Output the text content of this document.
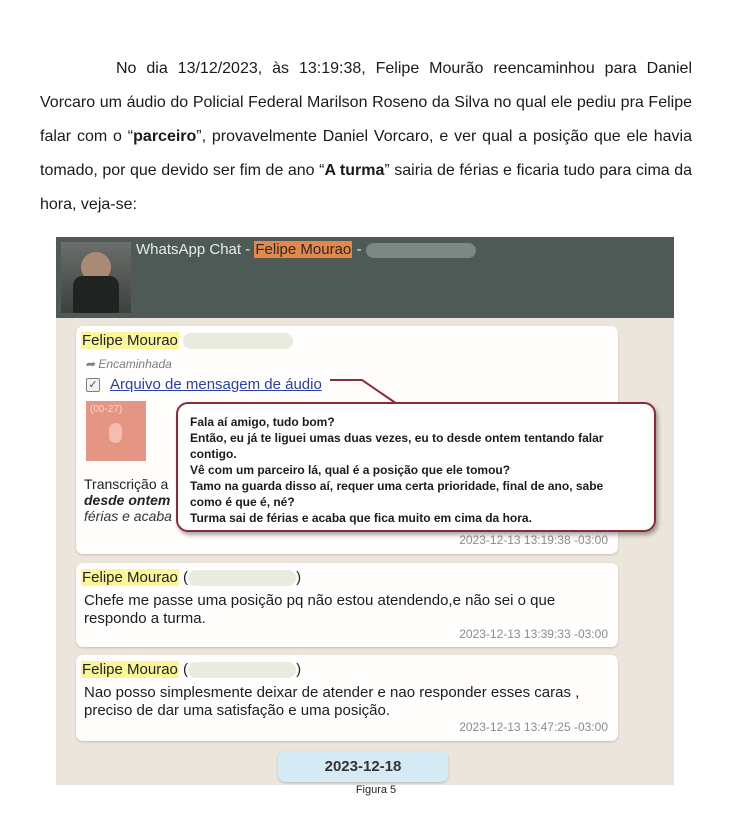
No dia 13/12/2023, às 13:19:38, Felipe Mourão reencaminhou para Daniel Vorcaro um áudio do Policial Federal Marilson Roseno da Silva no qual ele pediu pra Felipe falar com o “parceiro”, provavelmente Daniel Vorcaro, e ver qual a posição que ele havia tomado, por que devido ser fim de ano “A turma” sairia de férias e ficaria tudo para cima da hora, veja-se:
WhatsApp Chat - Felipe Mourao -
Felipe Mourao
➦ Encaminhada
✓ Arquivo de mensagem de áudio
(00-27)
Transcrição a
desde ontem
férias e acaba
2023-12-13 13:19:38 -03:00
Felipe Mourao (	)
Chefe me passe uma posição pq não estou atendendo,e não sei o que
respondo a turma.
2023-12-13 13:39:33 -03:00
Felipe Mourao (	)
Nao posso simplesmente deixar de atender e nao responder esses caras ,
preciso de dar uma satisfação e uma posição.
2023-12-13 13:47:25 -03:00
Fala aí amigo, tudo bom?
Então, eu já te liguei umas duas vezes, eu to desde ontem tentando falar
contigo.
Vê com um parceiro lá, qual é a posição que ele tomou?
Tamo na guarda disso aí, requer uma certa prioridade, final de ano, sabe
como é que é, né?
Turma sai de férias e acaba que fica muito em cima da hora.
2023-12-18
Figura 5
